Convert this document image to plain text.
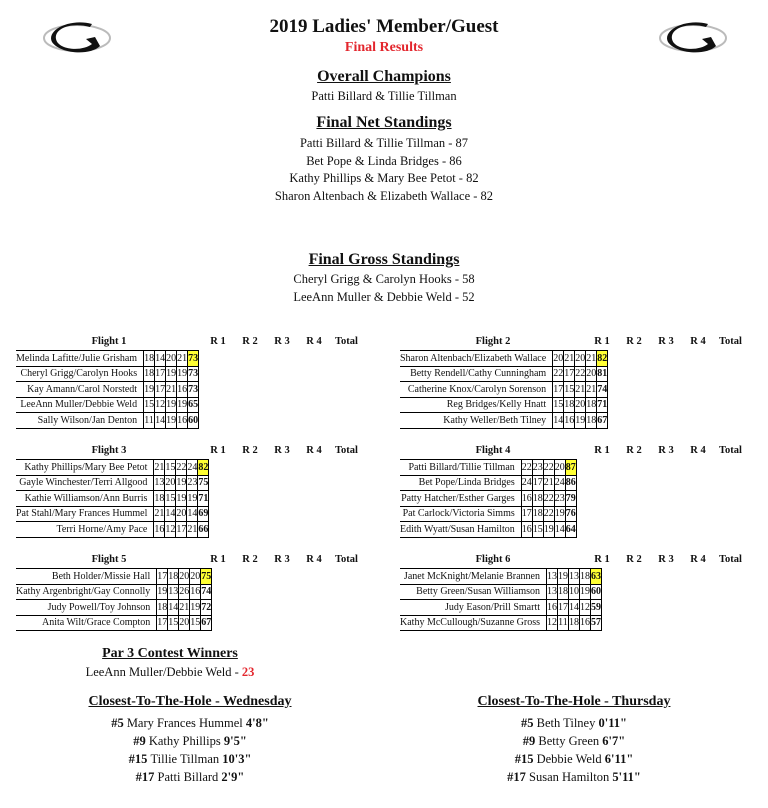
2019 Ladies' Member/Guest
Final Results
Overall Champions
Patti Billard & Tillie Tillman
Final Net Standings
Patti Billard & Tillie Tillman - 87
Bet Pope & Linda Bridges - 86
Kathy Phillips & Mary Bee Petot - 82
Sharon Altenbach & Elizabeth Wallace - 82
Final Gross Standings
Cheryl Grigg & Carolyn Hooks - 58
LeeAnn Muller & Debbie Weld - 52
Flight 1	R 1	R 2	R 3	R 4	Total
Melinda Lafitte/Julie Grisham	18	14	20	21	73
Cheryl Grigg/Carolyn Hooks	18	17	19	19	73
Kay Amann/Carol Norstedt	19	17	21	16	73
LeeAnn Muller/Debbie Weld	15	12	19	19	65
Sally Wilson/Jan Denton	11	14	19	16	60
Flight 2	R 1	R 2	R 3	R 4	Total
Sharon Altenbach/Elizabeth Wallace	20	21	20	21	82
Betty Rendell/Cathy Cunningham	22	17	22	20	81
Catherine Knox/Carolyn Sorenson	17	15	21	21	74
Reg Bridges/Kelly Hnatt	15	18	20	18	71
Kathy Weller/Beth Tilney	14	16	19	18	67
Flight 3	R 1	R 2	R 3	R 4	Total
Kathy Phillips/Mary Bee Petot	21	15	22	24	82
Gayle Winchester/Terri Allgood	13	20	19	23	75
Kathie Williamson/Ann Burris	18	15	19	19	71
Pat Stahl/Mary Frances Hummel	21	14	20	14	69
Terri Horne/Amy Pace	16	12	17	21	66
Flight 4	R 1	R 2	R 3	R 4	Total
Patti Billard/Tillie Tillman	22	23	22	20	87
Bet Pope/Linda Bridges	24	17	21	24	86
Patty Hatcher/Esther Garges	16	18	22	23	79
Pat Carlock/Victoria Simms	17	18	22	19	76
Edith Wyatt/Susan Hamilton	16	15	19	14	64
Flight 5	R 1	R 2	R 3	R 4	Total
Beth Holder/Missie Hall	17	18	20	20	75
Kathy Argenbright/Gay Connolly	19	13	26	16	74
Judy Powell/Toy Johnson	18	14	21	19	72
Anita Wilt/Grace Compton	17	15	20	15	67
Flight 6	R 1	R 2	R 3	R 4	Total
Janet McKnight/Melanie Brannen	13	19	13	18	63
Betty Green/Susan Williamson	13	18	10	19	60
Judy Eason/Prill Smartt	16	17	14	12	59
Kathy McCullough/Suzanne Gross	12	11	18	16	57
Par 3 Contest Winners
LeeAnn Muller/Debbie Weld - 23
Closest-To-The-Hole - Wednesday
#5 Mary Frances Hummel 4'8"
#9 Kathy Phillips 9'5"
#15 Tillie Tillman 10'3"
#17 Patti Billard 2'9"
Closest-To-The-Hole - Thursday
#5 Beth Tilney 0'11"
#9 Betty Green 6'7"
#15 Debbie Weld 6'11"
#17 Susan Hamilton 5'11"
